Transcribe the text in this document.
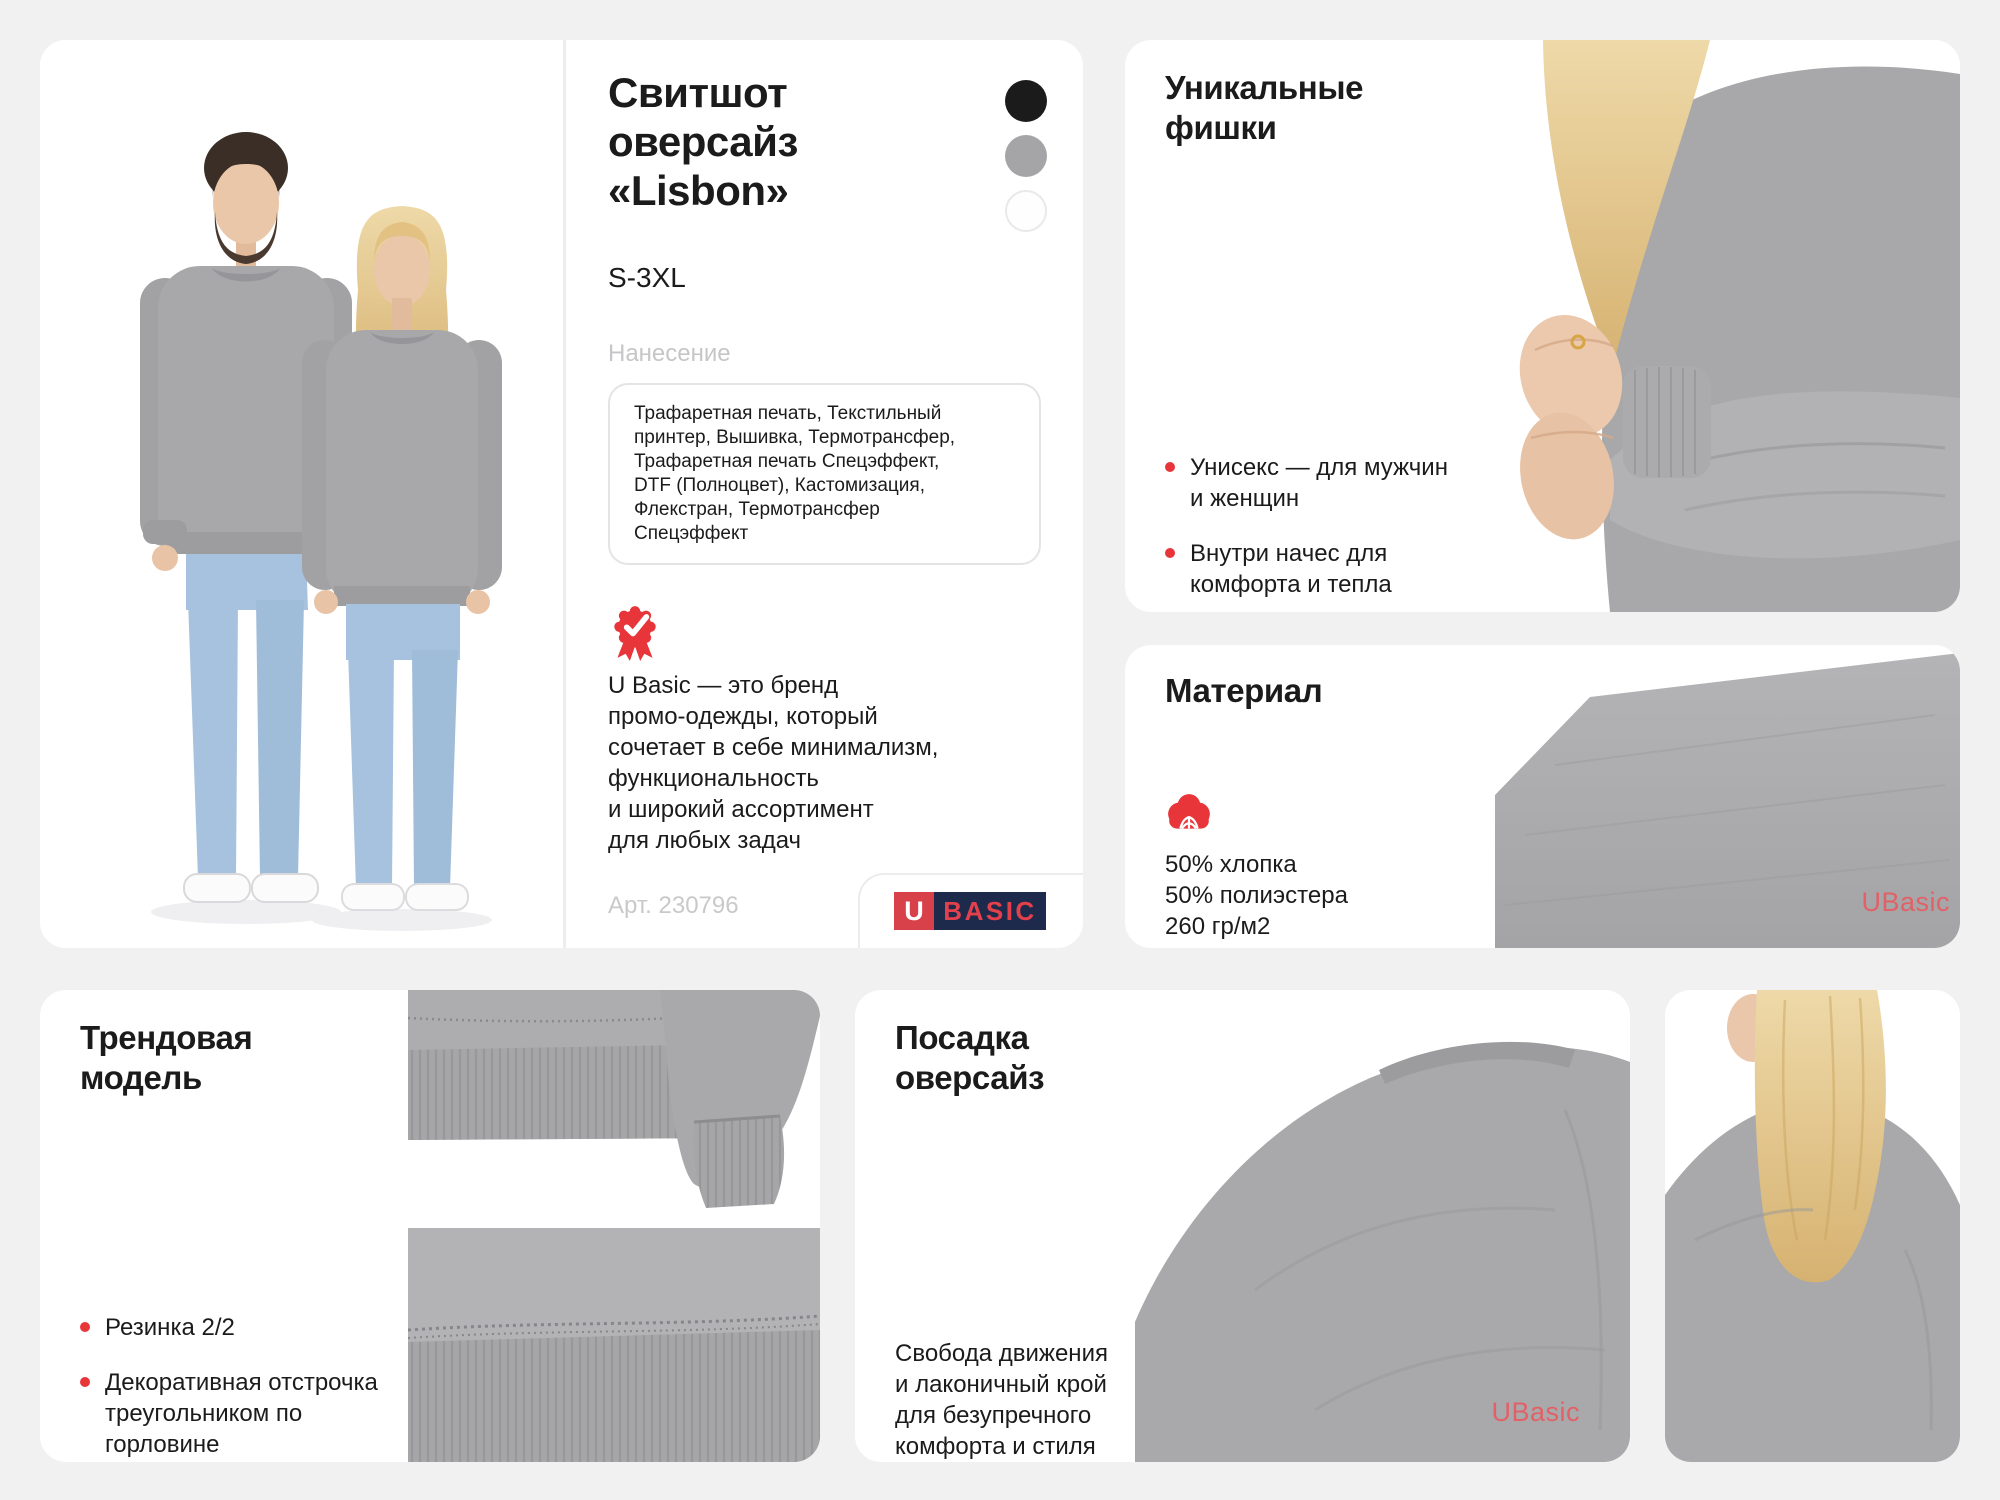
Свитшот
оверсайз
«Lisbon»
S-3XL
Нанесение
Трафаретная печать, Текстильный
принтер, Вышивка, Термотрансфер,
Трафаретная печать Спецэффект,
DTF (Полноцвет), Кастомизация,
Флекстран, Термотрансфер
Спецэффект
U Basic — это бренд
промо-одежды, который
сочетает в себе минимализм,
функциональность
и широкий ассортимент
для любых задач
Арт. 230796	U BASIC
Уникальные
фишки
Унисекс — для мужчин
и женщин
Внутри начес для
комфорта и тепла
UBasic
Материал
50% хлопка
50% полиэстера
260 гр/м2
Трендовая
модель
Резинка 2/2
Декоративная отстрочка
треугольником по
горловине
UBasic
Посадка
оверсайз
Свобода движения
и лаконичный крой
для безупречного
комфорта и стиля
